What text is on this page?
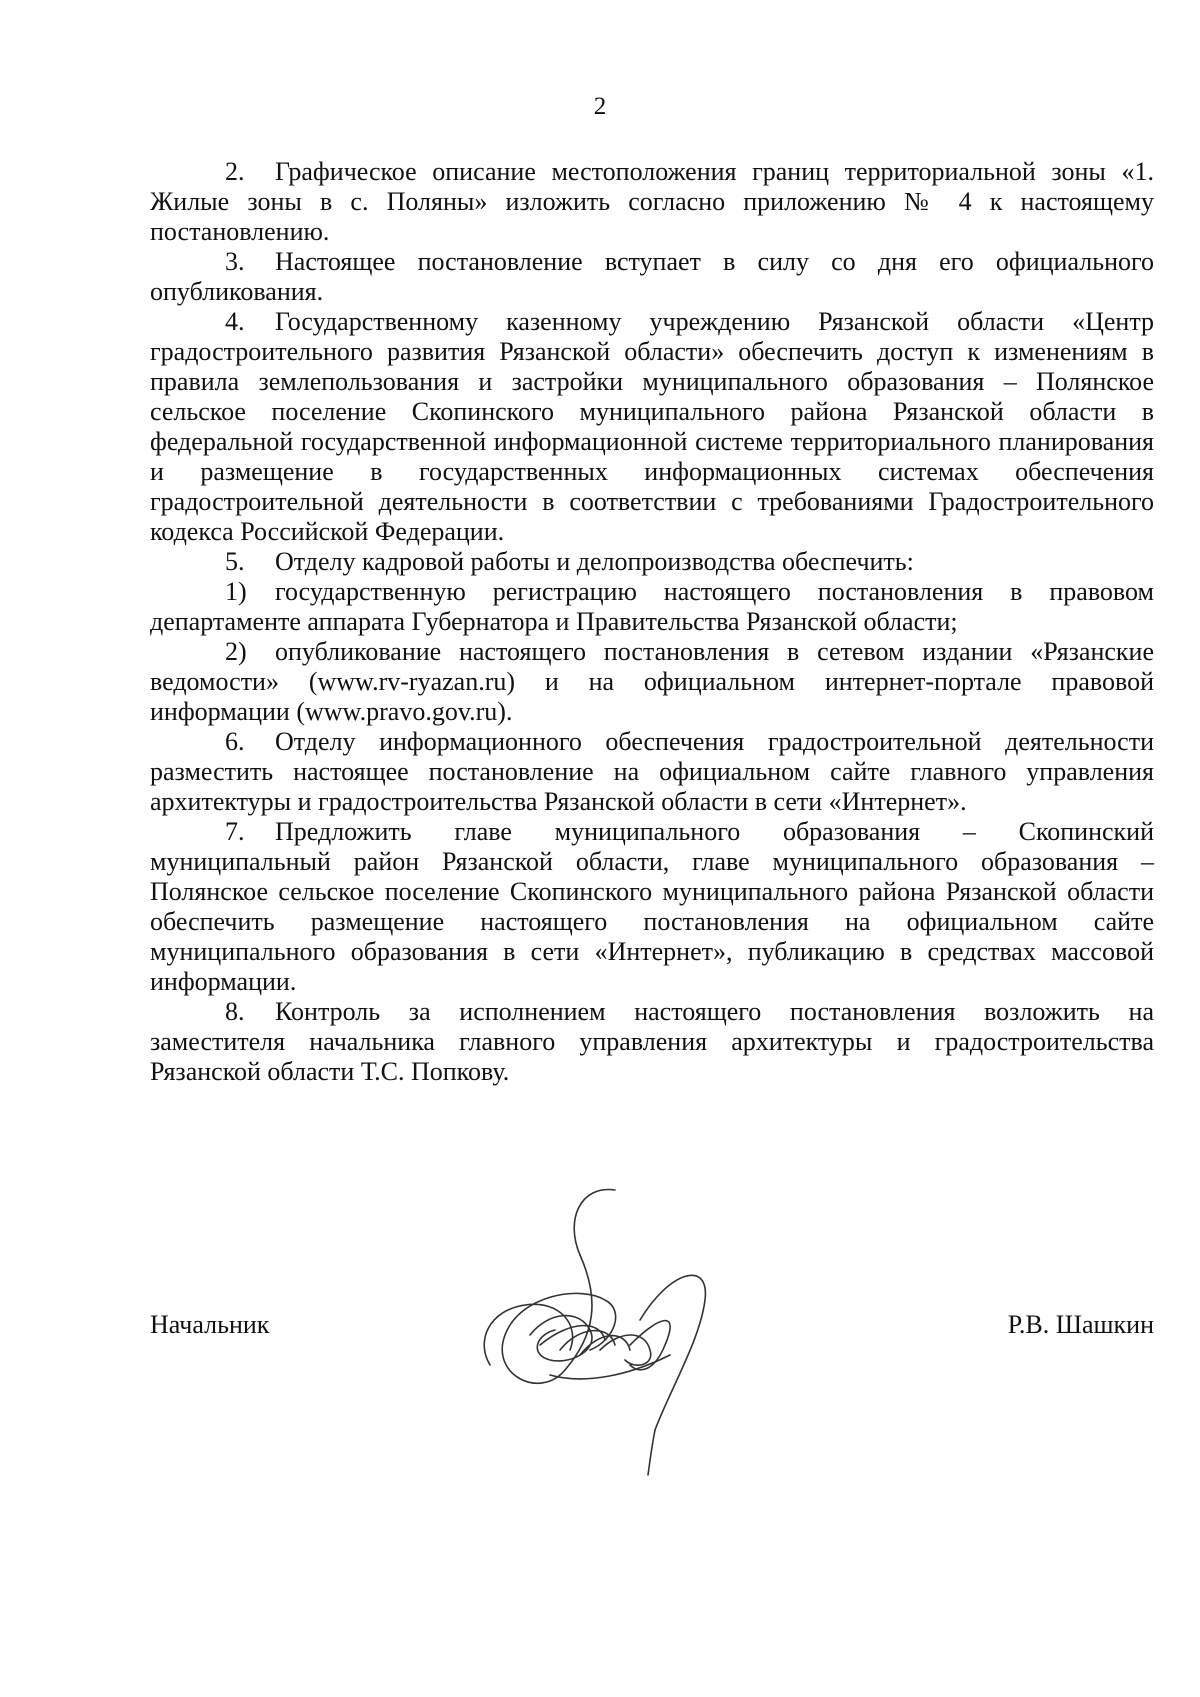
2

2. Графическое описание местоположения границ территориальной зоны «1. Жилые зоны в с. Поляны» изложить согласно приложению № 4 к настоящему постановлению.

3. Настоящее постановление вступает в силу со дня его официального опубликования.

4. Государственному казенному учреждению Рязанской области «Центр градостроительного развития Рязанской области» обеспечить доступ к изменениям в правила землепользования и застройки муниципального образования – Полянское сельское поселение Скопинского муниципального района Рязанской области в федеральной государственной информационной системе территориального планирования и размещение в государственных информационных системах обеспечения градостроительной деятельности в соответствии с требованиями Градостроительного кодекса Российской Федерации.

5. Отделу кадровой работы и делопроизводства обеспечить:

1) государственную регистрацию настоящего постановления в правовом департаменте аппарата Губернатора и Правительства Рязанской области;

2) опубликование настоящего постановления в сетевом издании «Рязанские ведомости» (www.rv-ryazan.ru) и на официальном интернет-портале правовой информации (www.pravo.gov.ru).

6. Отделу информационного обеспечения градостроительной деятельности разместить настоящее постановление на официальном сайте главного управления архитектуры и градостроительства Рязанской области в сети «Интернет».

7. Предложить главе муниципального образования – Скопинский муниципальный район Рязанской области, главе муниципального образования – Полянское сельское поселение Скопинского муниципального района Рязанской области обеспечить размещение настоящего постановления на официальном сайте муниципального образования в сети «Интернет», публикацию в средствах массовой информации.

8. Контроль за исполнением настоящего постановления возложить на заместителя начальника главного управления архитектуры и градостроительства Рязанской области Т.С. Попкову.

Начальник	Р.В. Шашкин
